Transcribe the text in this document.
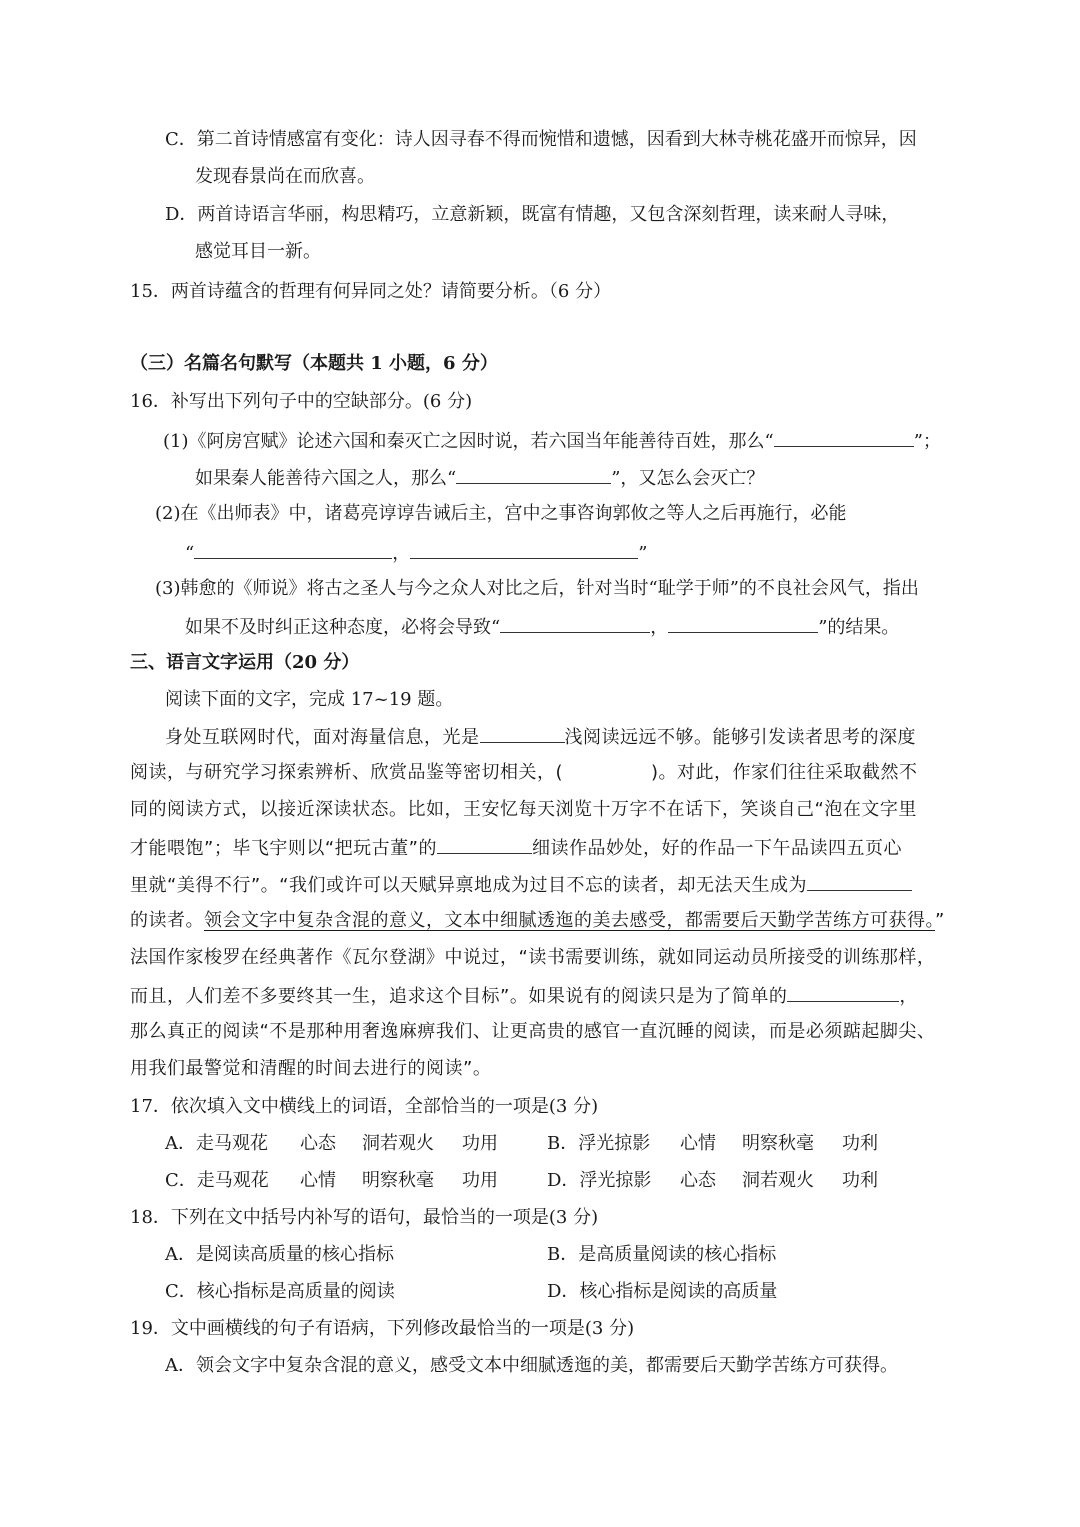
C．第二首诗情感富有变化：诗人因寻春不得而惋惜和遗憾，因看到大林寺桃花盛开而惊异，因
发现春景尚在而欣喜。
D．两首诗语言华丽，构思精巧，立意新颖，既富有情趣，又包含深刻哲理，读来耐人寻味，
感觉耳目一新。
15．两首诗蕴含的哲理有何异同之处？请简要分析。（6 分）
（三）名篇名句默写（本题共 1 小题，6 分）
16．补写出下列句子中的空缺部分。(6 分)
(1)《阿房宫赋》论述六国和秦灭亡之因时说，若六国当年能善待百姓，那么“	”；
如果秦人能善待六国之人，那么“	”，又怎么会灭亡？
(2)在《出师表》中，诸葛亮谆谆告诫后主，宫中之事咨询郭攸之等人之后再施行，必能
“	，	”
(3)韩愈的《师说》将古之圣人与今之众人对比之后，针对当时“耻学于师”的不良社会风气，指出
如果不及时纠正这种态度，必将会导致“	，	”的结果。
三、语言文字运用（20 分）
阅读下面的文字，完成 17~19 题。
身处互联网时代，面对海量信息，光是	浅阅读远远不够。能够引发读者思考的深度
阅读，与研究学习探索辨析、欣赏品鉴等密切相关，(	)。对此，作家们往往采取截然不
同的阅读方式，以接近深读状态。比如，王安忆每天浏览十万字不在话下，笑谈自己“泡在文字里
才能喂饱”；毕飞宇则以“把玩古董”的	细读作品妙处，好的作品一下午品读四五页心
里就“美得不行”。“我们或许可以天赋异禀地成为过目不忘的读者，却无法天生成为
的读者。领会文字中复杂含混的意义，文本中细腻透迤的美去感受，都需要后天勤学苦练方可获得。”
法国作家梭罗在经典著作《瓦尔登湖》中说过，“读书需要训练，就如同运动员所接受的训练那样，
而且，人们差不多要终其一生，追求这个目标”。如果说有的阅读只是为了简单的	，
那么真正的阅读“不是那种用奢逸麻痹我们、让更高贵的感官一直沉睡的阅读，而是必须踮起脚尖、
用我们最警觉和清醒的时间去进行的阅读”。
17．依次填入文中横线上的词语，全部恰当的一项是(3 分)
A．走马观花 心态 洞若观火 功用	B．浮光掠影 心情 明察秋毫 功利
C．走马观花 心情 明察秋毫 功用	D．浮光掠影 心态 洞若观火 功利
18．下列在文中括号内补写的语句，最恰当的一项是(3 分)
A．是阅读高质量的核心指标	B．是高质量阅读的核心指标
C．核心指标是高质量的阅读	D．核心指标是阅读的高质量
19．文中画横线的句子有语病，下列修改最恰当的一项是(3 分)
A．领会文字中复杂含混的意义，感受文本中细腻透迤的美，都需要后天勤学苦练方可获得。
